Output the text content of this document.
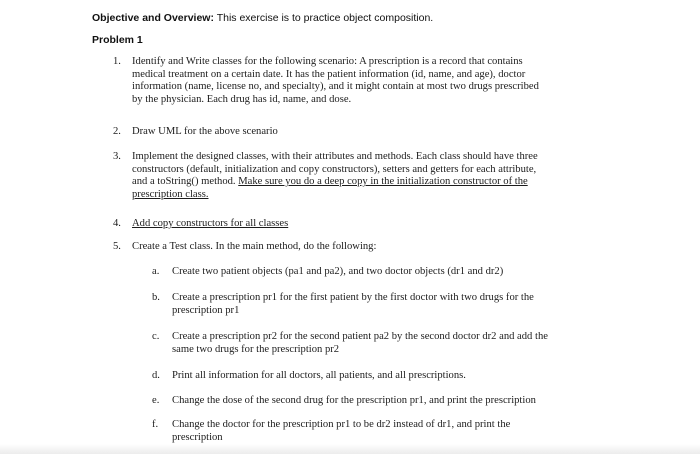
Objective and Overview: This exercise is to practice object composition.
Problem 1
1.	Identify and Write classes for the following scenario: A prescription is a record that contains
medical treatment on a certain date. It has the patient information (id, name, and age), doctor
information (name, license no, and specialty), and it might contain at most two drugs prescribed
by the physician. Each drug has id, name, and dose.
2.	Draw UML for the above scenario
3.	Implement the designed classes, with their attributes and methods. Each class should have three
constructors (default, initialization and copy constructors), setters and getters for each attribute,
and a toString() method. Make sure you do a deep copy in the initialization constructor of the
prescription class.
4.	Add copy constructors for all classes
5.	Create a Test class. In the main method, do the following:
a.	Create two patient objects (pa1 and pa2), and two doctor objects (dr1 and dr2)
b.	Create a prescription pr1 for the first patient by the first doctor with two drugs for the
prescription pr1
c.	Create a prescription pr2 for the second patient pa2 by the second doctor dr2 and add the
same two drugs for the prescription pr2
d.	Print all information for all doctors, all patients, and all prescriptions.
e.	Change the dose of the second drug for the prescription pr1, and print the prescription
f.	Change the doctor for the prescription pr1 to be dr2 instead of dr1, and print the
prescription
